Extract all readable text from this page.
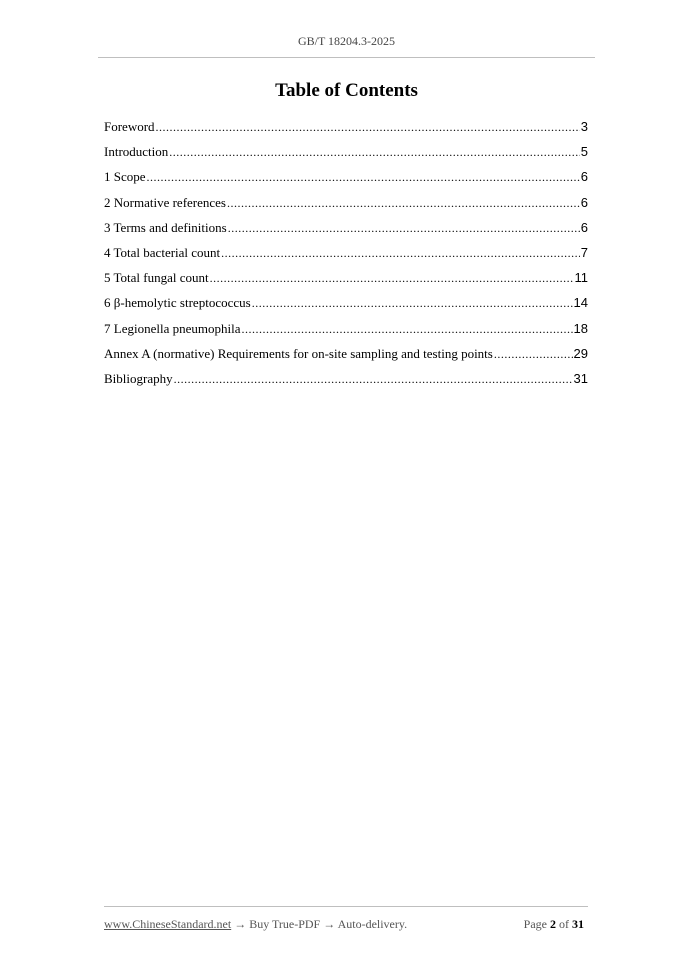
GB/T 18204.3-2025
Table of Contents
Foreword .....	3
Introduction .....	5
1 Scope .....	6
2 Normative references .....	6
3 Terms and definitions .....	6
4 Total bacterial count .....	7
5 Total fungal count .....	11
6 β-hemolytic streptococcus .....	14
7 Legionella pneumophila .....	18
Annex A (normative) Requirements for on-site sampling and testing points .....	29
Bibliography .....	31
www.ChineseStandard.net → Buy True-PDF → Auto-delivery.	Page 2 of 31
